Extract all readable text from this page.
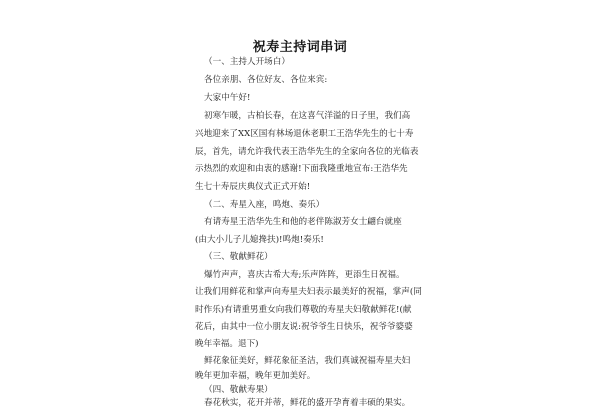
祝寿主持词串词
（一、主持人开场白）
各位亲朋、各位好友、各位来宾:
大家中午好!
初寒乍暖，古柏长春，在这喜气洋溢的日子里，我们高
兴地迎来了XX区国有林场退休老职工王浩华先生的七十寿
辰，首先，请允许我代表王浩华先生的全家向各位的光临表
示热烈的欢迎和由衷的感谢!下面我隆重地宣布:王浩华先
生七十寿辰庆典仪式正式开始!
（二、寿星入座，鸣炮、奏乐）
有请寿星王浩华先生和他的老伴陈淑芳女士翩台就座
(由大小儿子儿媳搀扶)!鸣炮!奏乐!
（三、敬献鲜花）
爆竹声声，喜庆古希大寿;乐声阵阵，更添生日祝福。
让我们用鲜花和掌声向寿星夫妇表示最美好的祝福，掌声(同
时作乐)有请重男重女向我们尊敬的寿星夫妇敬献鲜花!(献
花后，由其中一位小朋友说:祝爷爷生日快乐，祝爷爷婆婆
晚年幸福。退下)
鲜花象征美好，鲜花象征圣洁，我们真诚祝福寿星夫妇
晚年更加幸福，晚年更加美好。
（四、敬献寿果）
春花秋实，花开并蒂，鲜花的盛开孕育着丰硕的果实。
